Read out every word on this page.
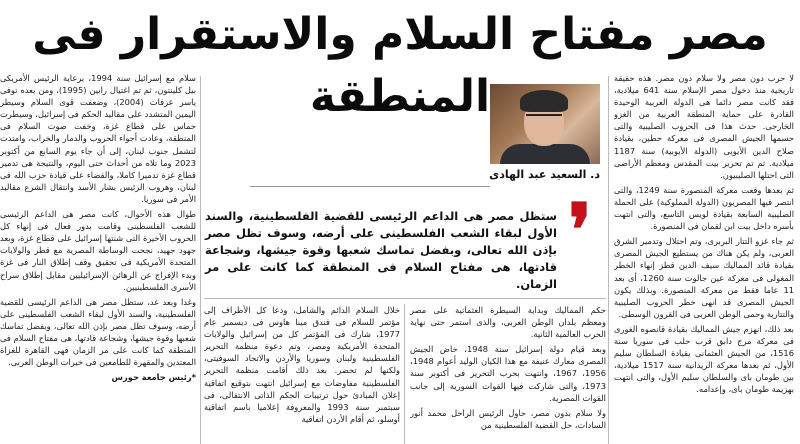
مصر مفتاح السلام والاستقرار فى المنطقة	لا حرب دون مصر ولا سلام دون مصر. هذه حقيقة تاريخية منذ دخول مصر الإسلام سنة 641 ميلادية، فقد كانت مصر دائما هى الدولة العربية الوحيدة القادرة على حماية المنطقة العربية من الغزو الخارجى. حدث هذا فى الحروب الصليبية والتى حسمها الجيش المصرى فى معركة حطين، بقيادة صلاح الدين الأيوبى (الدولة الأيوبية) سنة 1187 ميلادية. ثم تم تحرير بيت المقدس ومعظم الأراضى التى احتلها الصليبيون.

ثم بعدها وقعت معركة المنصورة سنة 1249، والتى انتصر فيها المصريون (الدولة المملوكية) على الحملة الصليبية السابعة بقيادة لويس التاسع، والتى انتهت بأسره داخل بيت ابن لقمان فى المنصورة.

ثم جاء غزو التتار البربرى، وتم احتلال وتدمير الشرق العربى، ولم يكن هناك من يستطيع الجيش المصرى بقيادة قائد المماليك سيف الدين قطز إنهاء الخطر المغولى فى معركة عين جالوت سنة 1260، أى بعد 11 عاما فقط من معركة المنصورة. وبذلك يكون الجيش المصرى قد انهى خطر الحروب الصليبية والتتارية وحمى الوطن العربى فى القرون الوسطى.

بعد ذلك، انهزم جيش المماليك بقيادة قانصوه الغورى فى معركة مرج دابق قرب حلب فى سوريا سنة 1516، من الجيش العثمانى بقيادة السلطان سليم الأول، ثم بعدها معركة الريدانية سنة 1517 ميلادية، بين طومان باى والسلطان سليم الأول، والتى انتهت بهزيمة طومان باى، وإعدامه.

د. السعيد عبد الهادى
❜
ستظل مصر هى الداعم الرئيسى للقضية الفلسطينية، والسند الأول لبقاء الشعب الفلسطينى على أرضه، وسوف تظل مصر بإذن الله تعالى، وبفضل تماسك شعبها وقوة جيشها، وشجاعة قادتها، هى مفتاح السلام فى المنطقة كما كانت على مر الزمان.

حكم المماليك وبداية السيطرة العثمانية على مصر ومعظم بلدان الوطن العربى، والذى استمر حتى نهاية الحرب العالمية الثانية.

وبعد قيام دولة إسرائيل سنة 1948، خاض الجيش المصرى معارك عنيفة مع هذا الكيان الوليد أعوام 1948، 1956، 1967، وانتهت بحرب التحرير فى أكتوبر سنة 1973، والتى شاركت فيها القوات السورية إلى جانب القوات المصرية.

ولا سلام بدون مصر، حاول الرئيس الراحل محمد أنور السادات، حل القضية الفلسطينية من

خلال السلام الدائم والشامل، ودعا كل الأطراف إلى مؤتمر للسلام فى فندق مينا هاوس فى ديسمبر عام 1977، شارك فى المؤتمر كل من إسرائيل والولايات المتحدة الأمريكية ومصر، وتم دعوة منظمة التحرير الفلسطينية ولبنان وسوريا والأردن والاتحاد السوفيتى، ولكنها لم تحضر. بعد ذلك أقامت منظمة التحرير الفلسطينية مفاوضات مع إسرائيل انتهت بتوقيع اتفاقية إعلان المبادئ حول ترتيبات الحكم الذاتى الانتقالى، فى سبتمبر سنة 1993 والمعروفة إعلاميا باسم اتفاقية أوسلو، ثم أقام الأردن اتفاقية

سلام مع إسرائيل سنة 1994، برعاية الرئيس الأمريكى بيل كلينتون، ثم تم اغتيال رابين (1995)، ومن بعده توفى ياسر عرفات (2004)، وضعفت قوى السلام وسيطر اليمين المتشدد على مقاليد الحكم فى إسرائيل، وسيطرت حماس على قطاع غزة، وخفت صوت السلام فى المنطقة، وعادت أجواء الحروب والدمار والخراب، وامتدت لتشمل جنوب لبنان، إلى أن جاء يوم السابع من أكتوبر 2023 وما تلاه من أحداث حتى اليوم، والنتيجة هى تدمير قطاع غزة تدميرا كاملا، والقضاء على قيادة حزب الله فى لبنان، وهروب الرئيس بشار الأسد وانتقال الشرع مقاليد الأمر فى سوريا.

طوال هذه الأحوال، كانت مصر هى الداعم الرئيسى للشعب الفلسطينى وقامت بدور فعال فى إنهاء كل الحروب الأخيرة التى شنتها إسرائيل على قطاع غزة، وبعد جهود جهيد، نجحت الوساطة المصرية مع قطر والولايات المتحدة الأمريكية فى تحقيق وقف إطلاق النار فى غزة وبدء الإفراج عن الرهائن الإسرائيليين مقابل إطلاق سراح الأسرى الفلسطينيين.

وغدا وبعد غد، ستظل مصر هى الداعم الرئيسى للقضية الفلسطينية، والسند الأول لبقاء الشعب الفلسطينى على أرضه، وسوف تظل مصر بإذن الله تعالى، وبفضل تماسك شعبها وقوة جيشها، وشجاعة قادتها، هى مفتاح السلام فى المنطقة كما كانت على مر الزمان فهى القاهرة للغزاة المعتدين والمقهرة للطامعين فى خيرات الوطن العربى.

*رئيس جامعة حورس
